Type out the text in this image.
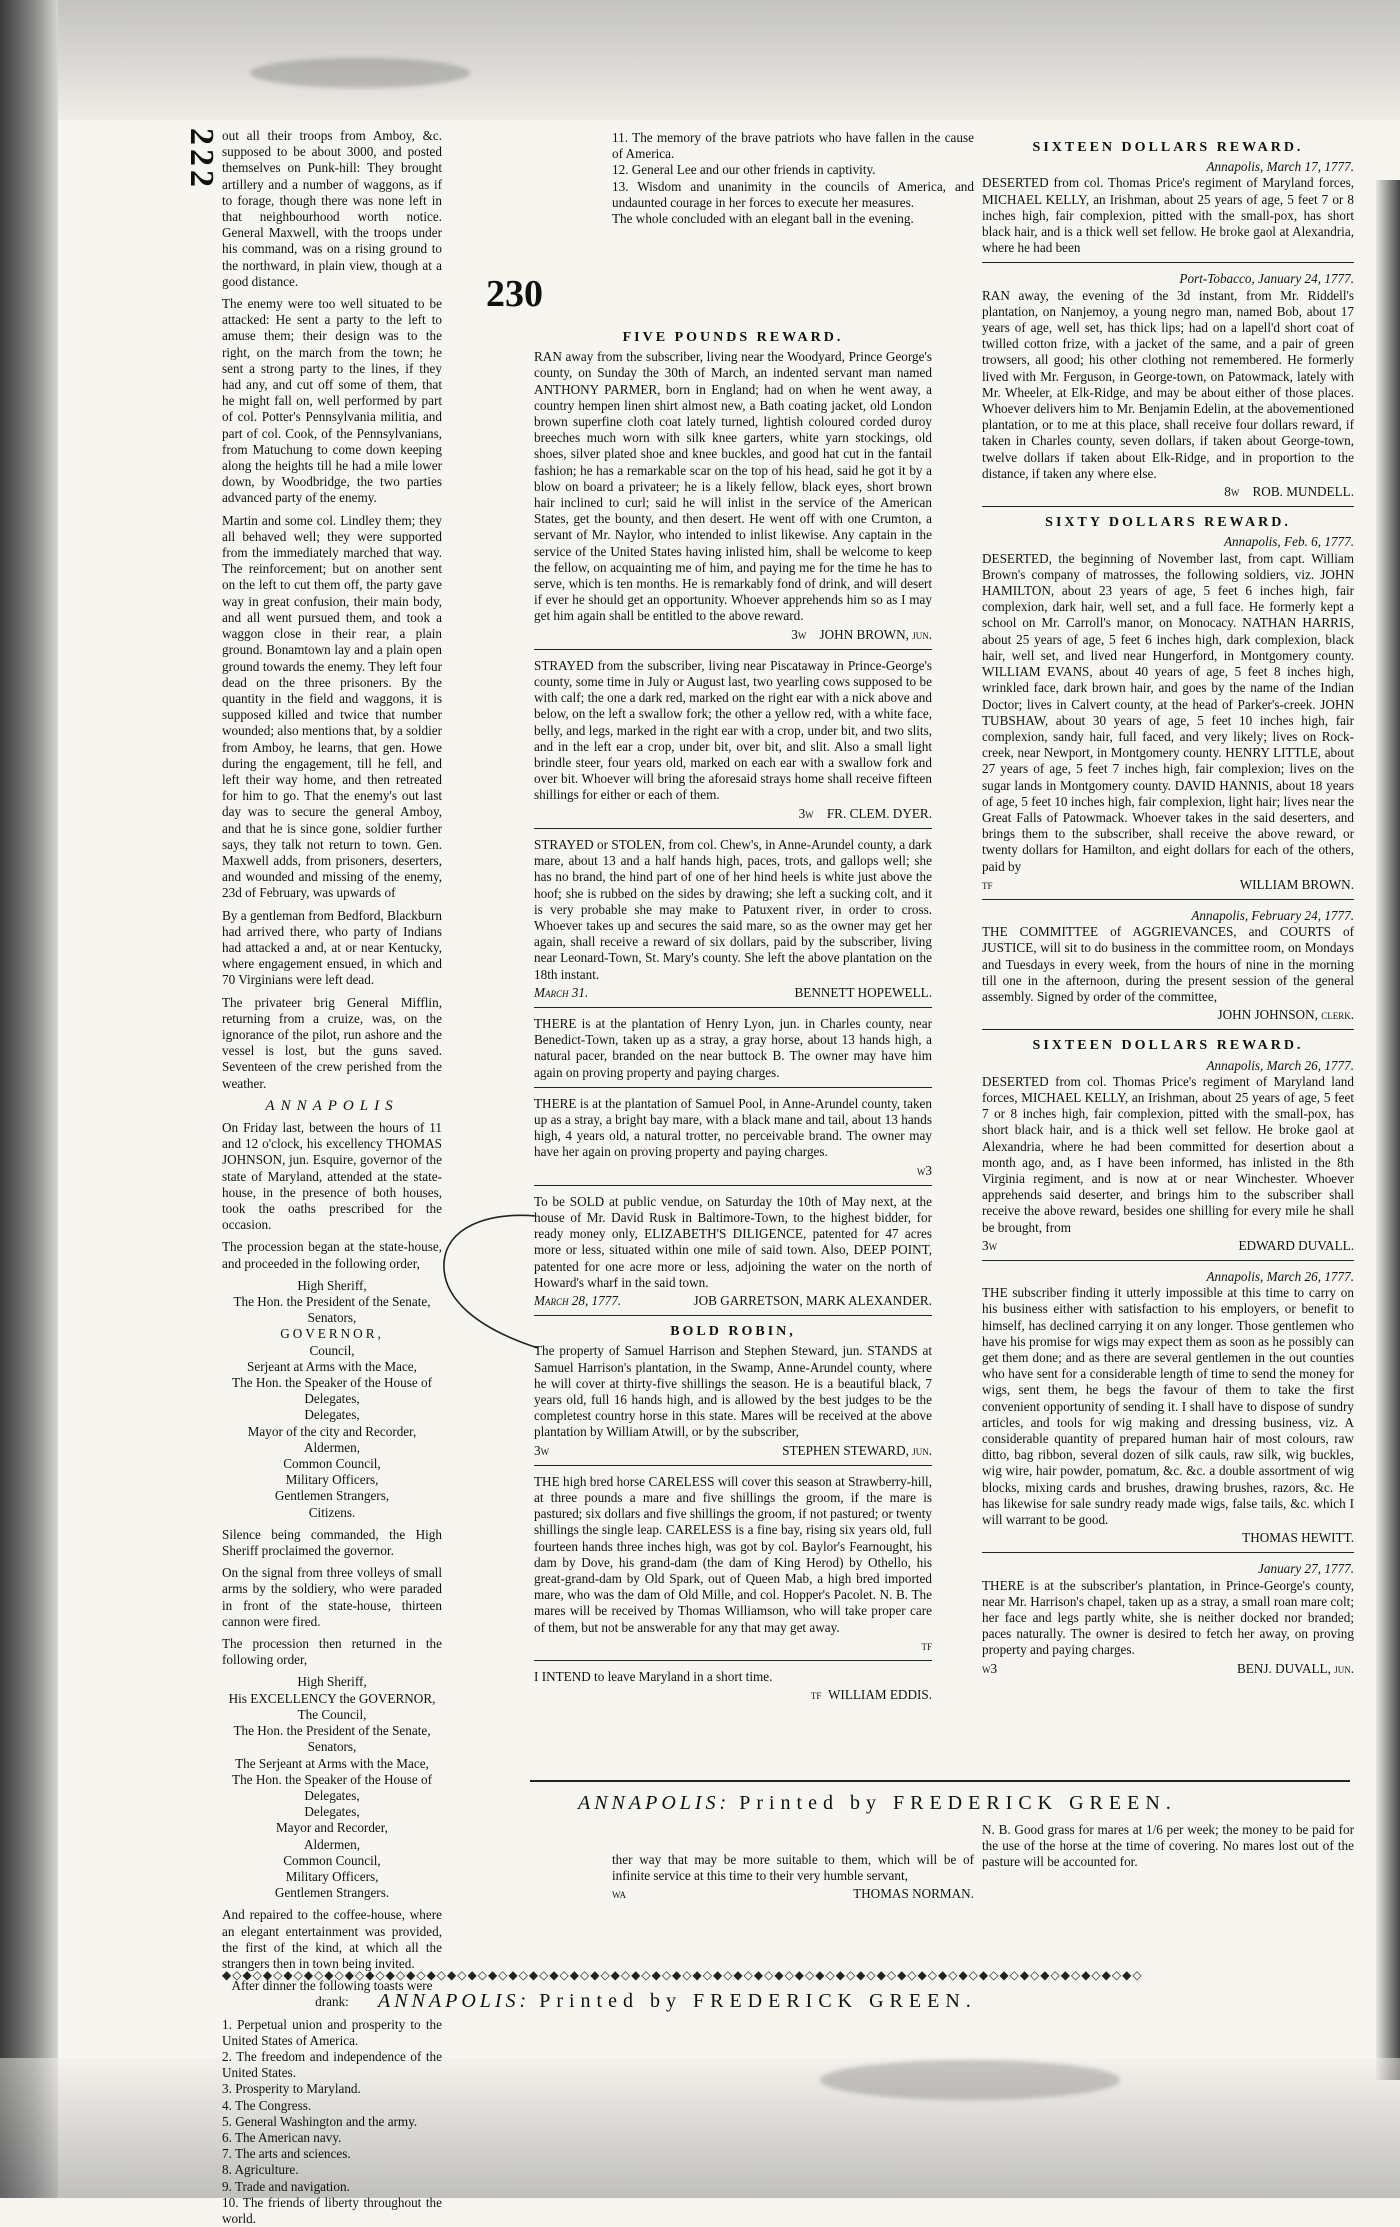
222
230

out all their troops from Amboy, &c. supposed to be about 3000, and posted themselves on Punk-hill: They brought artillery and a number of waggons, as if to forage, though there was none left in that neighbourhood worth notice. General Maxwell, with the troops under his command, was on a rising ground to the northward, in plain view, though at a good distance.

The enemy were too well situated to be attacked: He sent a party to the left to amuse them; their design was to the right, on the march from the town; he sent a strong party to the lines, if they had any, and cut off some of them, that he might fall on, well performed by part of col. Potter's Pennsylvania militia, and part of col. Cook, of the Pennsylvanians, from Matuchung to come down keeping along the heights till he had a mile lower down, by Woodbridge, the two parties advanced party of the enemy.

Martin and some col. Lindley them; they all behaved well; they were supported from the immediately marched that way. The reinforcement; but on another sent on the left to cut them off, the party gave way in great confusion, their main body, and all went pursued them, and took a waggon close in their rear, a plain ground. Bonamtown lay and a plain open ground towards the enemy. They left four dead on the three prisoners. By the quantity in the field and waggons, it is supposed killed and twice that number wounded; also mentions that, by a soldier from Amboy, he learns, that gen. Howe during the engagement, till he fell, and left their way home, and then retreated for him to go. That the enemy's out last day was to secure the general Amboy, and that he is since gone, soldier further says, they talk not return to town. Gen. Maxwell adds, from prisoners, deserters, and wounded and missing of the enemy, 23d of February, was upwards of

By a gentleman from Bedford, Blackburn had arrived there, who party of Indians had attacked a and, at or near Kentucky, where engagement ensued, in which and 70 Virginians were left dead.

The privateer brig General Mifflin, returning from a cruize, was, on the ignorance of the pilot, run ashore and the vessel is lost, but the guns saved. Seventeen of the crew perished from the weather.

ANNAPOLIS

On Friday last, between the hours of 11 and 12 o'clock, his excellency THOMAS JOHNSON, jun. Esquire, governor of the state of Maryland, attended at the state-house, in the presence of both houses, took the oaths prescribed for the occasion.

The procession began at the state-house, and proceeded in the following order,

High Sheriff,
The Hon. the President of the Senate,
Senators,
GOVERNOR,
Council,
Serjeant at Arms with the Mace,
The Hon. the Speaker of the House of Delegates,
Delegates,
Mayor of the city and Recorder,
Aldermen,
Common Council,
Military Officers,
Gentlemen Strangers,
Citizens.

Silence being commanded, the High Sheriff proclaimed the governor.

On the signal from three volleys of small arms by the soldiery, who were paraded in front of the state-house, thirteen cannon were fired.

The procession then returned in the following order,

High Sheriff,
His EXCELLENCY the GOVERNOR,
The Council,
The Hon. the President of the Senate,
Senators,
The Serjeant at Arms with the Mace,
The Hon. the Speaker of the House of Delegates,
Delegates,
Mayor and Recorder,
Aldermen,
Common Council,
Military Officers,
Gentlemen Strangers.

And repaired to the coffee-house, where an elegant entertainment was provided, the first of the kind, at which all the strangers then in town being invited.

After dinner the following toasts were drank:

1. Perpetual union and prosperity to the United States of America.
2. The freedom and independence of the United States.
3. Prosperity to Maryland.
4. The Congress.
5. General Washington and the army.
6. The American navy.
7. The arts and sciences.
8. Agriculture.
9. Trade and navigation.
10. The friends of liberty throughout the world.
11. The memory of the brave patriots who have fallen in the cause of America.
12. General Lee and our other friends in captivity.
13. Wisdom and unanimity in the councils of America, and undaunted courage in her forces to execute her measures.
The whole concluded with an elegant ball in the evening.
FIVE POUNDS REWARD.
RAN away from the subscriber, living near the Woodyard, Prince George's county, on Sunday the 30th of March, an indented servant man named ANTHONY PARMER, born in England; had on when he went away, a country hempen linen shirt almost new, a Bath coating jacket, old London brown superfine cloth coat lately turned, lightish coloured corded duroy breeches much worn with silk knee garters, white yarn stockings, old shoes, silver plated shoe and knee buckles, and good hat cut in the fantail fashion; he has a remarkable scar on the top of his head, said he got it by a blow on board a privateer; he is a likely fellow, black eyes, short brown hair inclined to curl; said he will inlist in the service of the American States, get the bounty, and then desert. He went off with one Crumton, a servant of Mr. Naylor, who intended to inlist likewise. Any captain in the service of the United States having inlisted him, shall be welcome to keep the fellow, on acquainting me of him, and paying me for the time he has to serve, which is ten months. He is remarkably fond of drink, and will desert if ever he should get an opportunity. Whoever apprehends him so as I may get him again shall be entitled to the above reward.
3w JOHN BROWN, jun.
STRAYED from the subscriber, living near Piscataway in Prince-George's county, some time in July or August last, two yearling cows supposed to be with calf; the one a dark red, marked on the right ear with a nick above and below, on the left a swallow fork; the other a yellow red, with a white face, belly, and legs, marked in the right ear with a crop, under bit, and two slits, and in the left ear a crop, under bit, over bit, and slit. Also a small light brindle steer, four years old, marked on each ear with a swallow fork and over bit. Whoever will bring the aforesaid strays home shall receive fifteen shillings for either or each of them.
3w FR. CLEM. DYER.
STRAYED or STOLEN, from col. Chew's, in Anne-Arundel county, a dark mare, about 13 and a half hands high, paces, trots, and gallops well; she has no brand, the hind part of one of her hind heels is white just above the hoof; she is rubbed on the sides by drawing; she left a sucking colt, and it is very probable she may make to Patuxent river, in order to cross. Whoever takes up and secures the said mare, so as the owner may get her again, shall receive a reward of six dollars, paid by the subscriber, living near Leonard-Town, St. Mary's county. She left the above plantation on the 18th instant.
March 31.	BENNETT HOPEWELL.
THERE is at the plantation of Henry Lyon, jun. in Charles county, near Benedict-Town, taken up as a stray, a gray horse, about 13 hands high, a natural pacer, branded on the near buttock B. The owner may have him again on proving property and paying charges.
THERE is at the plantation of Samuel Pool, in Anne-Arundel county, taken up as a stray, a bright bay mare, with a black mane and tail, about 13 hands high, 4 years old, a natural trotter, no perceivable brand. The owner may have her again on proving property and paying charges.
w3
To be SOLD at public vendue, on Saturday the 10th of May next, at the house of Mr. David Rusk in Baltimore-Town, to the highest bidder, for ready money only, ELIZABETH'S DILIGENCE, patented for 47 acres more or less, situated within one mile of said town. Also, DEEP POINT, patented for one acre more or less, adjoining the water on the north of Howard's wharf in the said town.
March 28, 1777.	JOB GARRETSON, MARK ALEXANDER.
BOLD ROBIN,
The property of Samuel Harrison and Stephen Steward, jun. STANDS at Samuel Harrison's plantation, in the Swamp, Anne-Arundel county, where he will cover at thirty-five shillings the season. He is a beautiful black, 7 years old, full 16 hands high, and is allowed by the best judges to be the completest country horse in this state. Mares will be received at the above plantation by William Atwill, or by the subscriber,
3w	STEPHEN STEWARD, jun.
THE high bred horse CARELESS will cover this season at Strawberry-hill, at three pounds a mare and five shillings the groom, if the mare is pastured; six dollars and five shillings the groom, if not pastured; or twenty shillings the single leap. CARELESS is a fine bay, rising six years old, full fourteen hands three inches high, was got by col. Baylor's Fearnought, his dam by Dove, his grand-dam (the dam of King Herod) by Othello, his great-grand-dam by Old Spark, out of Queen Mab, a high bred imported mare, who was the dam of Old Mille, and col. Hopper's Pacolet. N. B. The mares will be received by Thomas Williamson, who will take proper care of them, but not be answerable for any that may get away.
tf
I INTEND to leave Maryland in a short time.
tf WILLIAM EDDIS.
SIXTEEN DOLLARS REWARD.
Annapolis, March 17, 1777.
DESERTED from col. Thomas Price's regiment of Maryland forces, MICHAEL KELLY, an Irishman, about 25 years of age, 5 feet 7 or 8 inches high, fair complexion, pitted with the small-pox, has short black hair, and is a thick well set fellow. He broke gaol at Alexandria, where he had been
Port-Tobacco, January 24, 1777.
RAN away, the evening of the 3d instant, from Mr. Riddell's plantation, on Nanjemoy, a young negro man, named Bob, about 17 years of age, well set, has thick lips; had on a lapell'd short coat of twilled cotton frize, with a jacket of the same, and a pair of green trowsers, all good; his other clothing not remembered. He formerly lived with Mr. Ferguson, in George-town, on Patowmack, lately with Mr. Wheeler, at Elk-Ridge, and may be about either of those places. Whoever delivers him to Mr. Benjamin Edelin, at the abovementioned plantation, or to me at this place, shall receive four dollars reward, if taken in Charles county, seven dollars, if taken about George-town, twelve dollars if taken about Elk-Ridge, and in proportion to the distance, if taken any where else.
8w ROB. MUNDELL.
SIXTY DOLLARS REWARD.
Annapolis, Feb. 6, 1777.
DESERTED, the beginning of November last, from capt. William Brown's company of matrosses, the following soldiers, viz. JOHN HAMILTON, about 23 years of age, 5 feet 6 inches high, fair complexion, dark hair, well set, and a full face. He formerly kept a school on Mr. Carroll's manor, on Monocacy. NATHAN HARRIS, about 25 years of age, 5 feet 6 inches high, dark complexion, black hair, well set, and lived near Hungerford, in Montgomery county. WILLIAM EVANS, about 40 years of age, 5 feet 8 inches high, wrinkled face, dark brown hair, and goes by the name of the Indian Doctor; lives in Calvert county, at the head of Parker's-creek. JOHN TUBSHAW, about 30 years of age, 5 feet 10 inches high, fair complexion, sandy hair, full faced, and very likely; lives on Rock-creek, near Newport, in Montgomery county. HENRY LITTLE, about 27 years of age, 5 feet 7 inches high, fair complexion; lives on the sugar lands in Montgomery county. DAVID HANNIS, about 18 years of age, 5 feet 10 inches high, fair complexion, light hair; lives near the Great Falls of Patowmack. Whoever takes in the said deserters, and brings them to the subscriber, shall receive the above reward, or twenty dollars for Hamilton, and eight dollars for each of the others, paid by
tf	WILLIAM BROWN.
Annapolis, February 24, 1777.
THE COMMITTEE of AGGRIEVANCES, and COURTS of JUSTICE, will sit to do business in the committee room, on Mondays and Tuesdays in every week, from the hours of nine in the morning till one in the afternoon, during the present session of the general assembly. Signed by order of the committee,
JOHN JOHNSON, clerk.
SIXTEEN DOLLARS REWARD.
Annapolis, March 26, 1777.
DESERTED from col. Thomas Price's regiment of Maryland land forces, MICHAEL KELLY, an Irishman, about 25 years of age, 5 feet 7 or 8 inches high, fair complexion, pitted with the small-pox, has short black hair, and is a thick well set fellow. He broke gaol at Alexandria, where he had been committed for desertion about a month ago, and, as I have been informed, has inlisted in the 8th Virginia regiment, and is now at or near Winchester. Whoever apprehends said deserter, and brings him to the subscriber shall receive the above reward, besides one shilling for every mile he shall be brought, from
3w	EDWARD DUVALL.
Annapolis, March 26, 1777.
THE subscriber finding it utterly impossible at this time to carry on his business either with satisfaction to his employers, or benefit to himself, has declined carrying it on any longer. Those gentlemen who have his promise for wigs may expect them as soon as he possibly can get them done; and as there are several gentlemen in the out counties who have sent for a considerable length of time to send the money for wigs, sent them, he begs the favour of them to take the first convenient opportunity of sending it. I shall have to dispose of sundry articles, and tools for wig making and dressing business, viz. A considerable quantity of prepared human hair of most colours, raw ditto, bag ribbon, several dozen of silk cauls, raw silk, wig buckles, wig wire, hair powder, pomatum, &c. &c. a double assortment of wig blocks, mixing cards and brushes, drawing brushes, razors, &c. He has likewise for sale sundry ready made wigs, false tails, &c. which I will warrant to be good.
THOMAS HEWITT.
January 27, 1777.
THERE is at the subscriber's plantation, in Prince-George's county, near Mr. Harrison's chapel, taken up as a stray, a small roan mare colt; her face and legs partly white, she is neither docked nor branded; paces naturally. The owner is desired to fetch her away, on proving property and paying charges.
w3	BENJ. DUVALL, jun.
ANNAPOLIS: Printed by FREDERICK GREEN.
ther way that may be more suitable to them, which will be of infinite service at this time to their very humble servant,
wa	THOMAS NORMAN.
N. B. Good grass for mares at 1/6 per week; the money to be paid for the use of the horse at the time of covering. No mares lost out of the pasture will be accounted for.
◆◇◆◇◆◇◆◇◆◇◆◇◆◇◆◇◆◇◆◇◆◇◆◇◆◇◆◇◆◇◆◇◆◇◆◇◆◇◆◇◆◇◆◇◆◇◆◇◆◇◆◇◆◇◆◇◆◇◆◇◆◇◆◇◆◇◆◇◆◇◆◇◆◇◆◇◆◇◆◇◆◇◆◇◆◇◆◇◆◇
ANNAPOLIS: Printed by FREDERICK GREEN.
